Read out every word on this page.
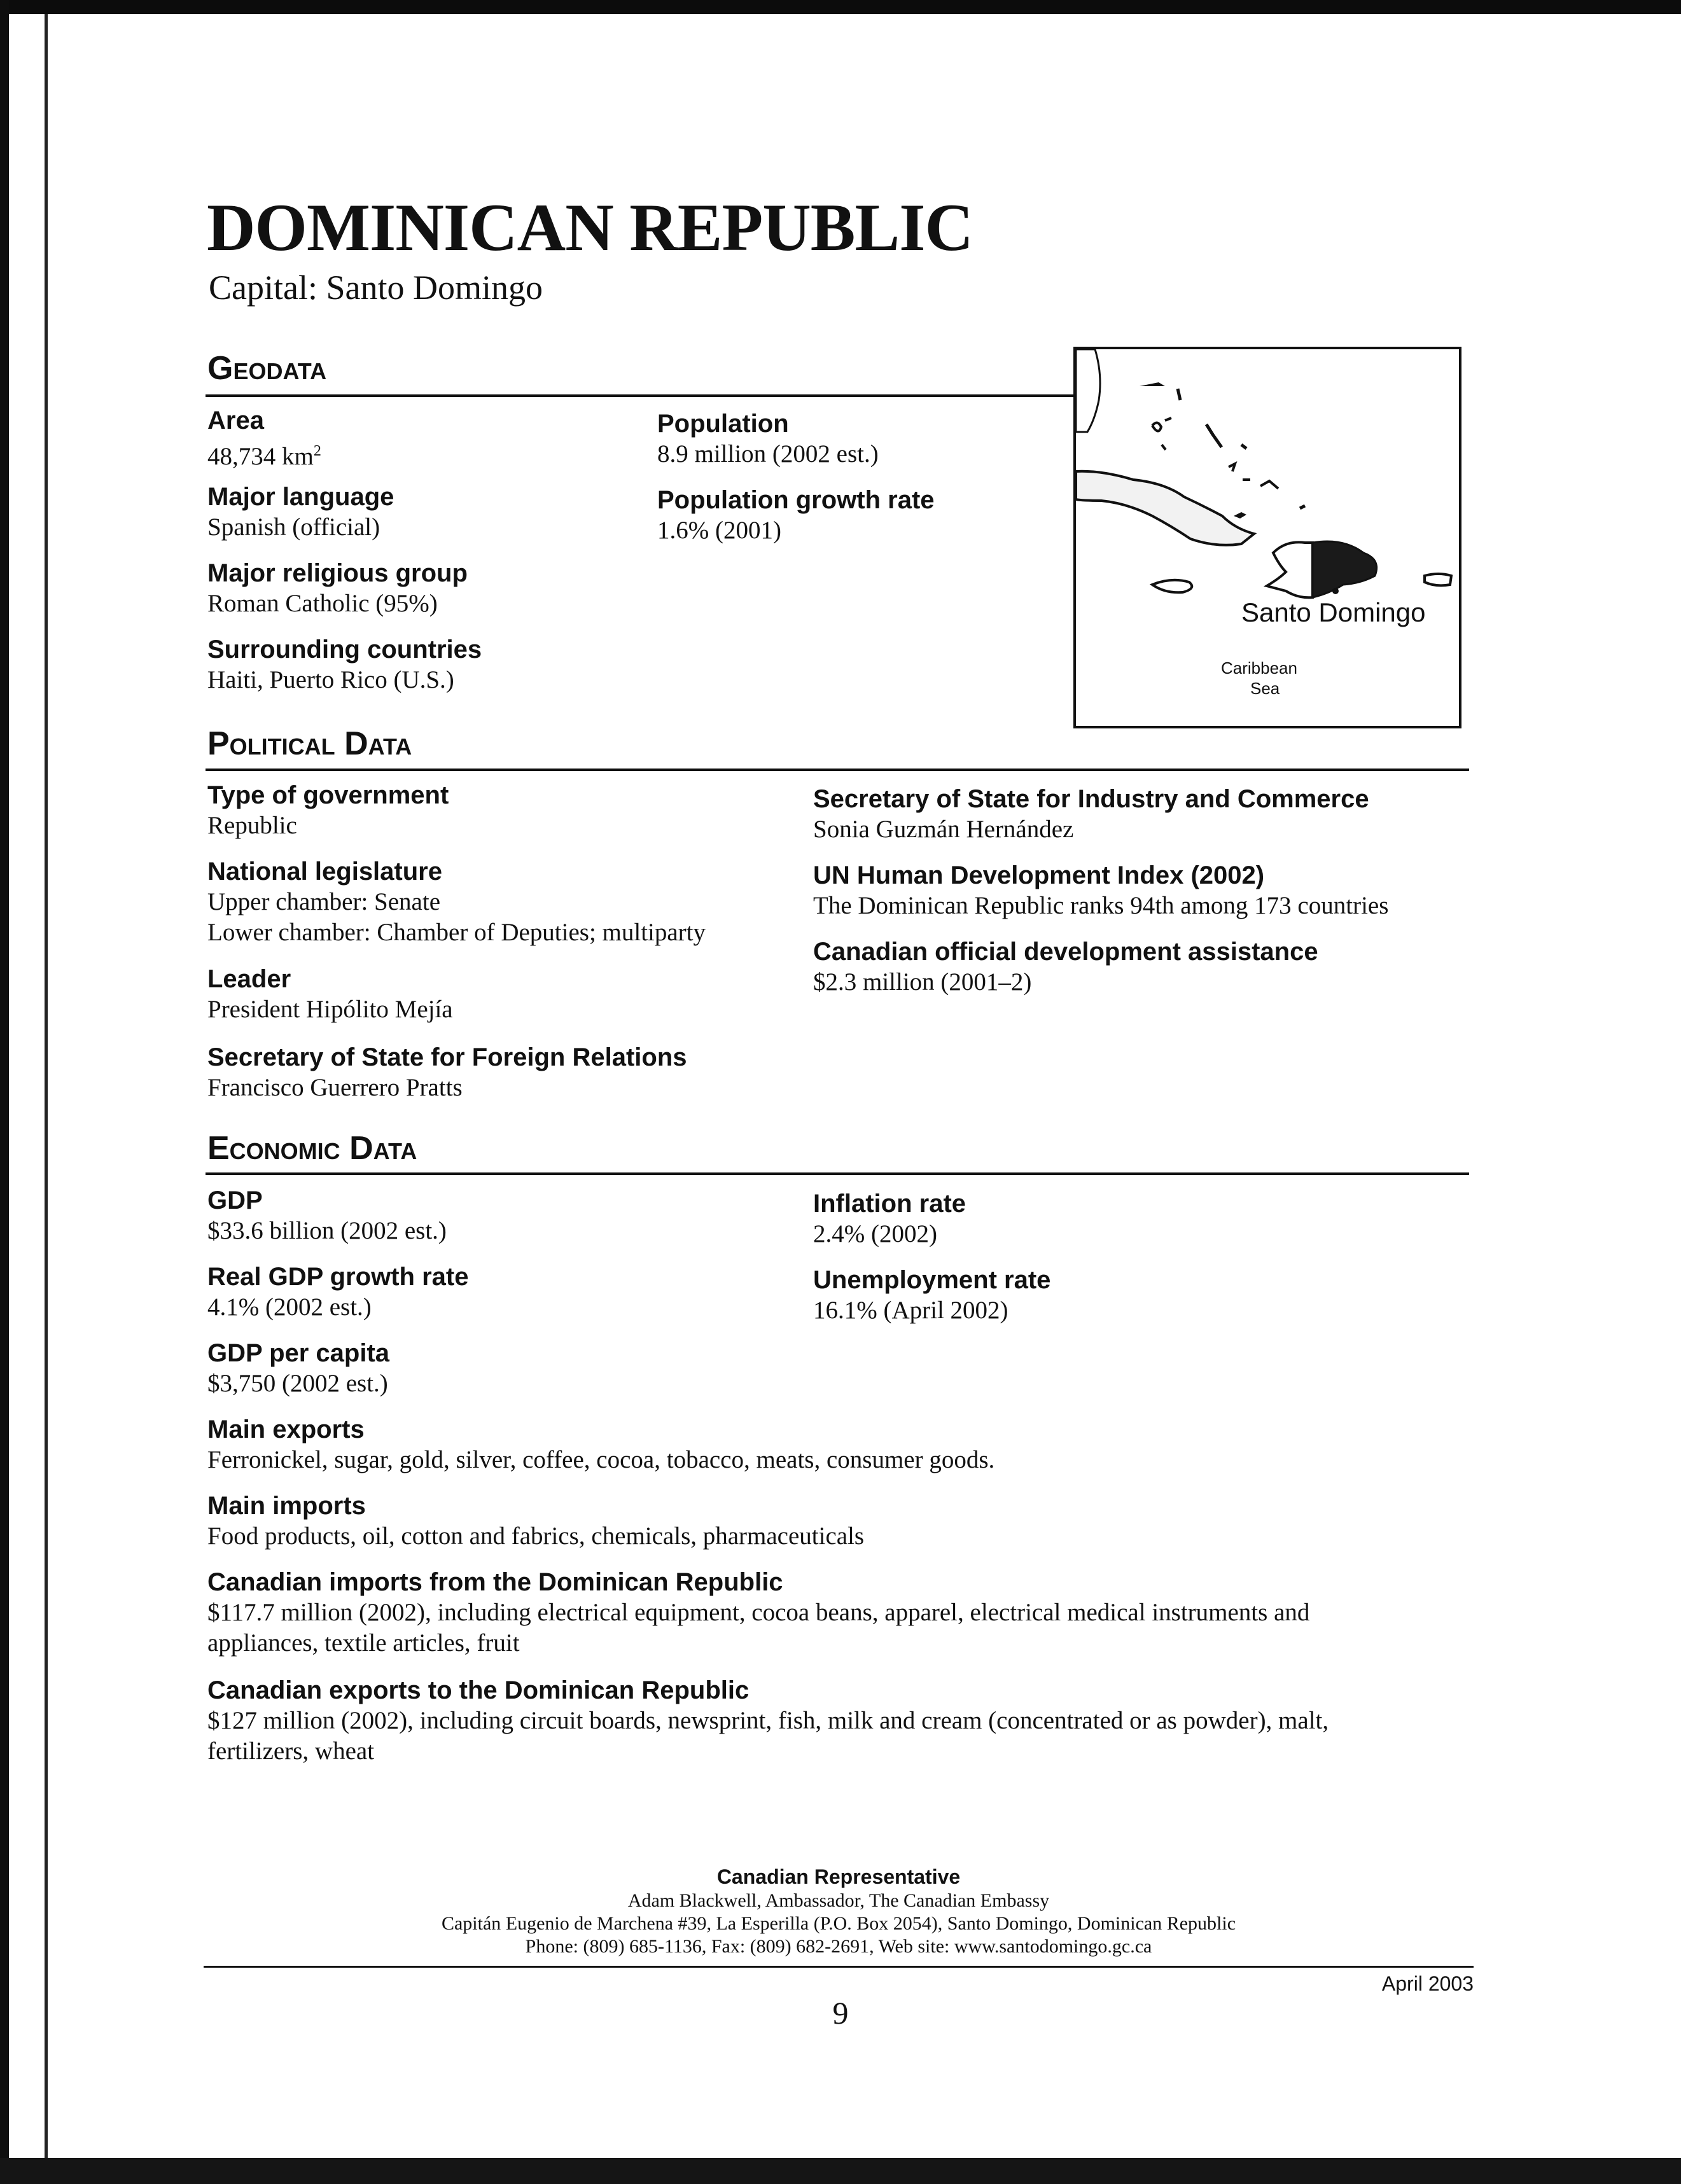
DOMINICAN REPUBLIC
Capital: Santo Domingo
Geodata
Area
48,734 $km^2$
Major language
Spanish (official)
Major religious group
Roman Catholic (95%)
Surrounding countries
Haiti, Puerto Rico (U.S.)
Population
8.9 million (2002 est.)
Population growth rate
1.6% (2001)
Santo Domingo
Caribbean
Sea
Political Data
Type of government
Republic
National legislature
Upper chamber: Senate
Lower chamber: Chamber of Deputies; multiparty
Leader
President Hipólito Mejía
Secretary of State for Foreign Relations
Francisco Guerrero Pratts
Secretary of State for Industry and Commerce
Sonia Guzmán Hernández
UN Human Development Index (2002)
The Dominican Republic ranks 94th among 173 countries
Canadian official development assistance
$2.3 million (2001–2)
Economic Data
GDP
$33.6 billion (2002 est.)
Real GDP growth rate
4.1% (2002 est.)
GDP per capita
$3,750 (2002 est.)
Inflation rate
2.4% (2002)
Unemployment rate
16.1% (April 2002)
Main exports
Ferronickel, sugar, gold, silver, coffee, cocoa, tobacco, meats, consumer goods.
Main imports
Food products, oil, cotton and fabrics, chemicals, pharmaceuticals
Canadian imports from the Dominican Republic
$117.7 million (2002), including electrical equipment, cocoa beans, apparel, electrical medical instruments and
appliances, textile articles, fruit
Canadian exports to the Dominican Republic
$127 million (2002), including circuit boards, newsprint, fish, milk and cream (concentrated or as powder), malt,
fertilizers, wheat
Canadian Representative
Adam Blackwell, Ambassador, The Canadian Embassy
Capitán Eugenio de Marchena #39, La Esperilla (P.O. Box 2054), Santo Domingo, Dominican Republic
Phone: (809) 685-1136, Fax: (809) 682-2691, Web site: www.santodomingo.gc.ca
April 2003
9
